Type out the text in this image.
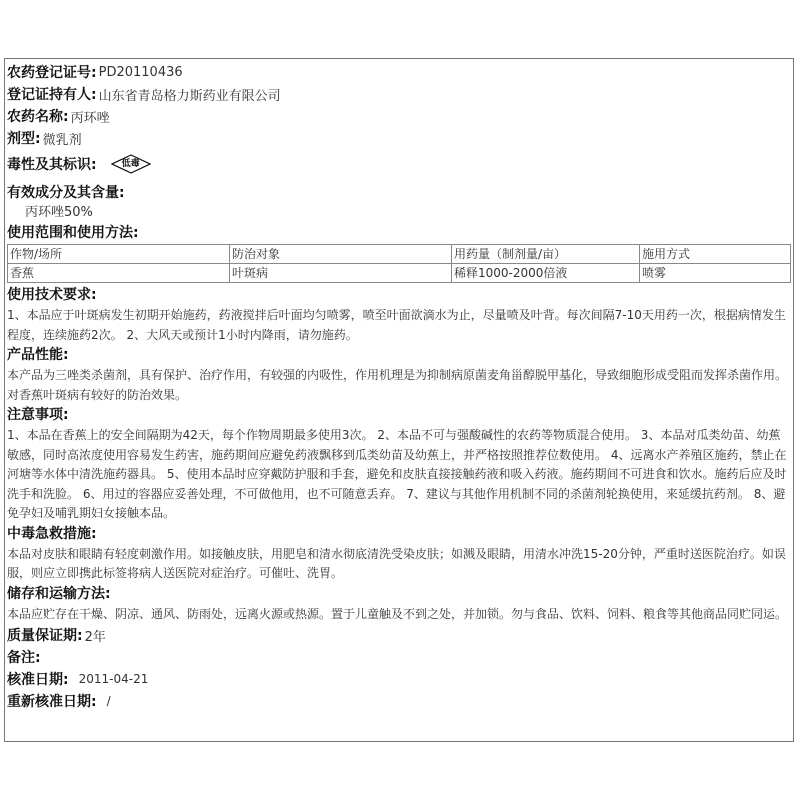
农药登记证号: PD20110436
登记证持有人: 山东省青岛格力斯药业有限公司
农药名称: 丙环唑
剂型: 微乳剂
毒性及其标识:	低毒
有效成分及其含量:
丙环唑50%
使用范围和使用方法:
作物/场所	防治对象	用药量（制剂量/亩）	施用方式
香蕉	叶斑病	稀释1000-2000倍液	喷雾
使用技术要求:
1、本品应于叶斑病发生初期开始施药，药液搅拌后叶面均匀喷雾，喷至叶面欲滴水为止，尽量喷及叶背。每次间隔7-10天用药一次，根据病情发生程度，连续施药2次。 2、大风天或预计1小时内降雨，请勿施药。
产品性能:
本产品为三唑类杀菌剂，具有保护、治疗作用，有较强的内吸性，作用机理是为抑制病原菌麦角甾醇脱甲基化，导致细胞形成受阻而发挥杀菌作用。对香蕉叶斑病有较好的防治效果。
注意事项:
1、本品在香蕉上的安全间隔期为42天，每个作物周期最多使用3次。 2、本品不可与强酸碱性的农药等物质混合使用。 3、本品对瓜类幼苗、幼蕉敏感，同时高浓度使用容易发生药害，施药期间应避免药液飘移到瓜类幼苗及幼蕉上，并严格按照推荐位数使用。 4、远离水产养殖区施药，禁止在河塘等水体中清洗施药器具。 5、使用本品时应穿戴防护服和手套，避免和皮肤直接接触药液和吸入药液。施药期间不可进食和饮水。施药后应及时洗手和洗脸。 6、用过的容器应妥善处理，不可做他用，也不可随意丢弃。 7、建议与其他作用机制不同的杀菌剂轮换使用，来延缓抗药剂。 8、避免孕妇及哺乳期妇女接触本品。
中毒急救措施:
本品对皮肤和眼睛有轻度刺激作用。如接触皮肤，用肥皂和清水彻底清洗受染皮肤；如溅及眼睛，用清水冲洗15-20分钟，严重时送医院治疗。如误服，则应立即携此标签将病人送医院对症治疗。可催吐、洗胃。
储存和运输方法:
本品应贮存在干燥、阴凉、通风、防雨处，远离火源或热源。置于儿童触及不到之处，并加锁。勿与食品、饮料、饲料、粮食等其他商品同贮同运。
质量保证期: 2年
备注:
核准日期: 2011-04-21
重新核准日期: /
